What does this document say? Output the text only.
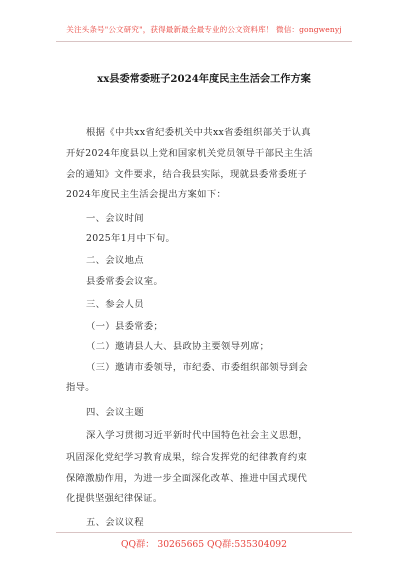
关注头条号"公文研究"，获得最新最全最专业的公文资料库！ 微信：gongwenyj
xx县委常委班子2024年度民主生活会工作方案
根据《中共xx省纪委机关中共xx省委组织部关于认真
开好2024年度县以上党和国家机关党员领导干部民主生活
会的通知》文件要求，结合我县实际，现就县委常委班子
2024年度民主生活会提出方案如下：
一、会议时间
2025年1月中下旬。
二、会议地点
县委常委会议室。
三、参会人员
（一）县委常委；
（二）邀请县人大、县政协主要领导列席；
（三）邀请市委领导，市纪委、市委组织部领导到会
指导。
四、会议主题
深入学习贯彻习近平新时代中国特色社会主义思想，
巩固深化党纪学习教育成果，综合发挥党的纪律教育约束
保障激励作用，为进一步全面深化改革、推进中国式现代
化提供坚强纪律保证。
五、会议议程
QQ群： 30265665 QQ群:535304092
